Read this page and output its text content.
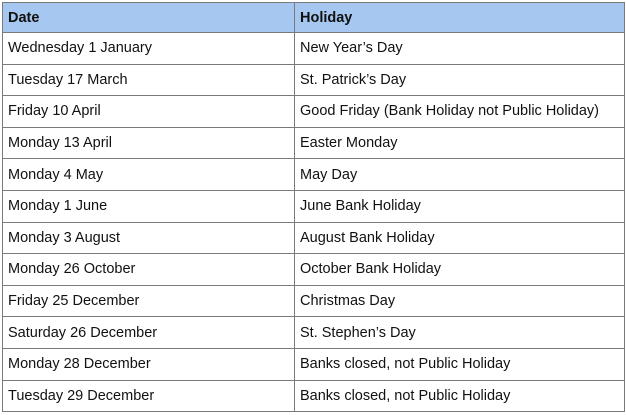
Date	Holiday
Wednesday 1 January	New Year’s Day
Tuesday 17 March	St. Patrick’s Day
Friday 10 April	Good Friday (Bank Holiday not Public Holiday)
Monday 13 April	Easter Monday
Monday 4 May	May Day
Monday 1 June	June Bank Holiday
Monday 3 August	August Bank Holiday
Monday 26 October	October Bank Holiday
Friday 25 December	Christmas Day
Saturday 26 December	St. Stephen’s Day
Monday 28 December	Banks closed, not Public Holiday
Tuesday 29 December	Banks closed, not Public Holiday
